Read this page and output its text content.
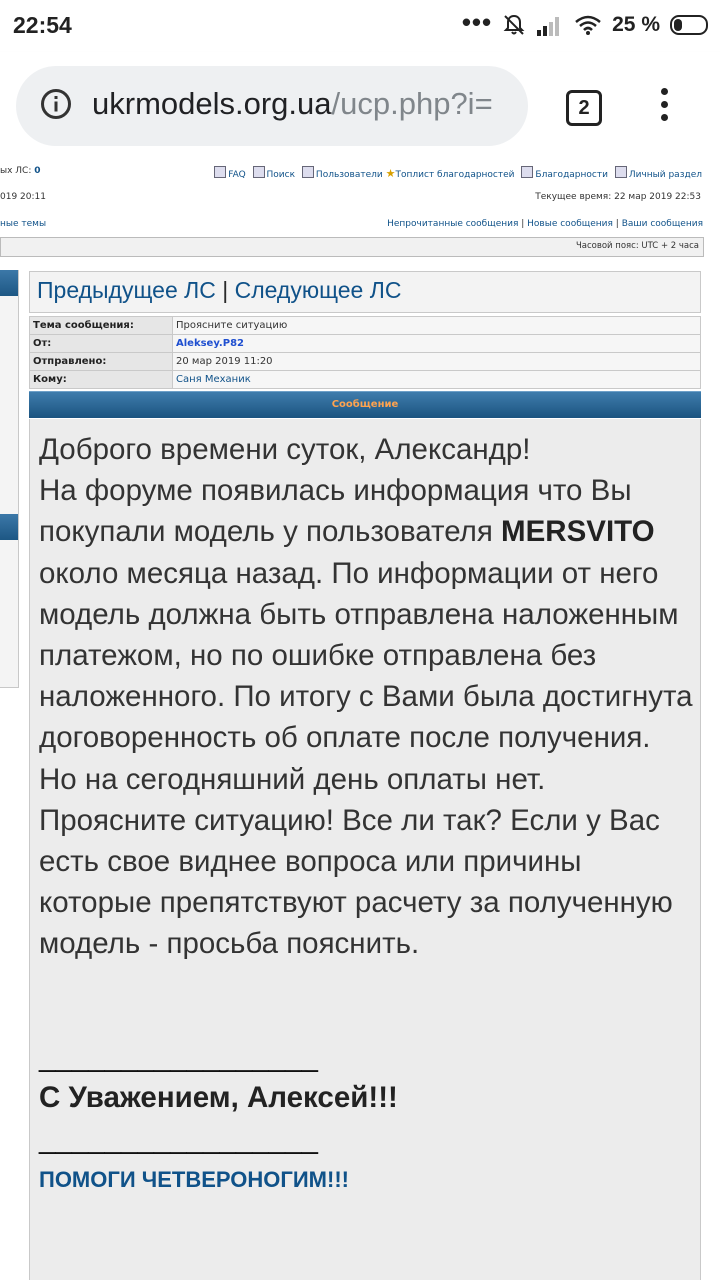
22:54	•••	25 %
ukrmodels.org.ua/ucp.php?i=	2
ых ЛС: 0	FAQ Поиск Пользователи ★Топлист благодарностей Благодарности Личный раздел
019 20:11	Текущее время: 22 мар 2019 22:53
ные темы	Непрочитанные сообщения | Новые сообщения | Ваши сообщения
Часовой пояс: UTC + 2 часа
Предыдущее ЛС | Следующее ЛС
Тема сообщения:	Проясните ситуацию
От:	Aleksey.P82
Отправлено:	20 мар 2019 11:20
Кому:	Саня Механик
Сообщение

Доброго времени суток, Александр!

На форуме появилась информация что Вы покупали модель у пользователя MERSVITO около месяца назад. По информации от него модель должна быть отправлена наложенным платежом, но по ошибке отправлена без наложенного. По итогу с Вами была достигнута договоренность об оплате после получения. Но на сегодняшний день оплаты нет.

Проясните ситуацию! Все ли так? Если у Вас есть свое виднее вопроса или причины которые препятствуют расчету за полученную модель - просьба пояснить.

_________________
С Уважением, Алексей!!!
_________________
ПОМОГИ ЧЕТВЕРОНОГИМ!!!
